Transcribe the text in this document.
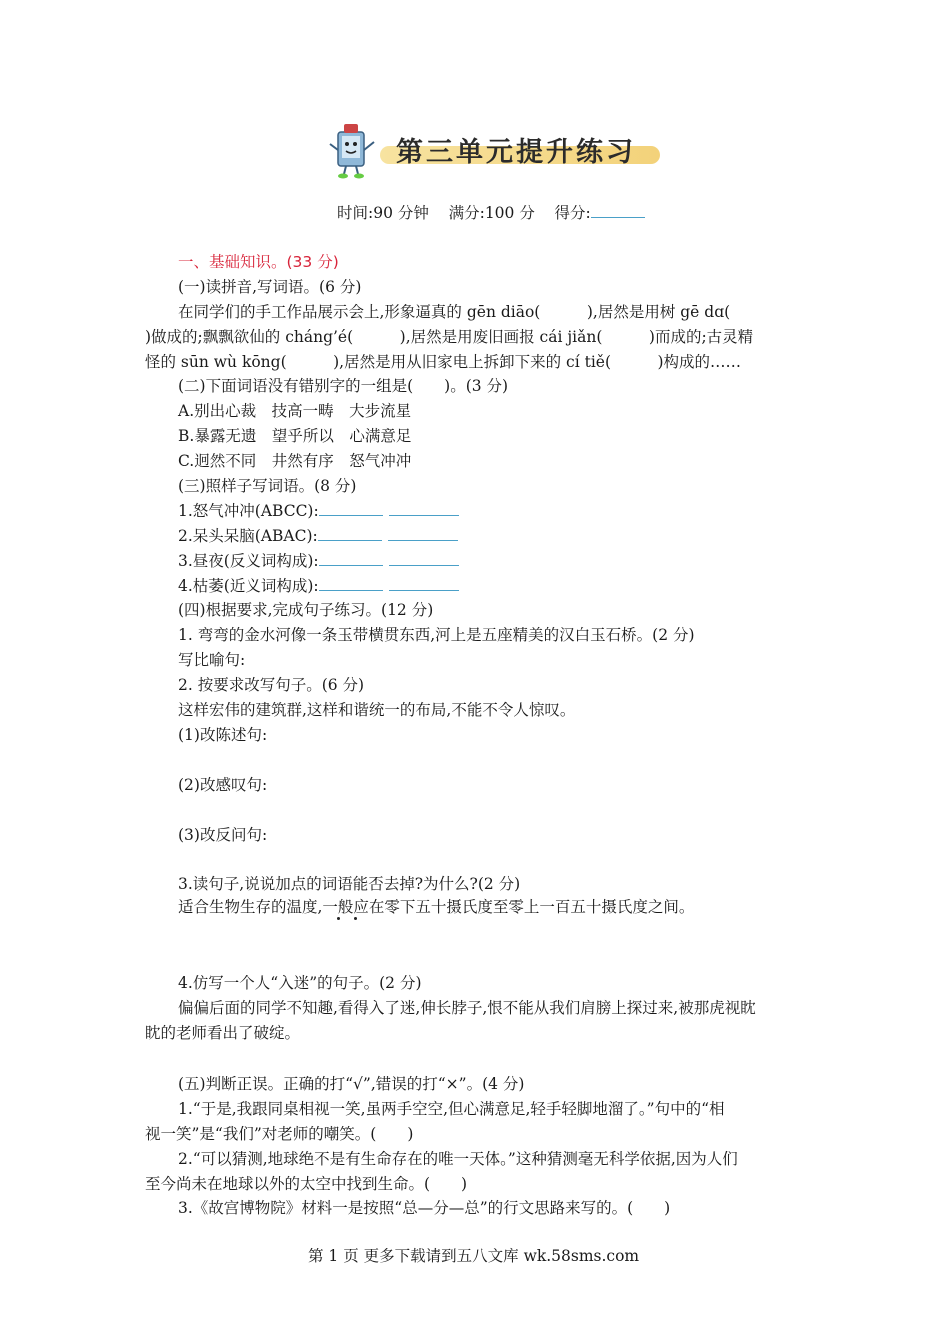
第三单元提升练习
时间:90 分钟 满分:100 分 得分:
一、基础知识。(33 分)
(一)读拼音,写词语。(6 分)
在同学们的手工作品展示会上,形象逼真的 gēn diāo(　　　),居然是用树 gē dɑ(
)做成的;飘飘欲仙的 cháng’é(　　　),居然是用废旧画报 cái jiǎn(　　　)而成的;古灵精
怪的 sūn wù kōng(　　　),居然是用从旧家电上拆卸下来的 cí tiě(　　　)构成的……
(二)下面词语没有错别字的一组是(　　)。(3 分)
A.别出心裁　技高一畴　大步流星
B.暴露无遗　望乎所以　心满意足
C.迥然不同　井然有序　怒气冲冲
(三)照样子写词语。(8 分)
1.怒气冲冲(ABCC):
2.呆头呆脑(ABAC):
3.昼夜(反义词构成):
4.枯萎(近义词构成):
(四)根据要求,完成句子练习。(12 分)
1. 弯弯的金水河像一条玉带横贯东西,河上是五座精美的汉白玉石桥。(2 分)
写比喻句:
2. 按要求改写句子。(6 分)
这样宏伟的建筑群,这样和谐统一的布局,不能不令人惊叹。
(1)改陈述句:
(2)改感叹句:
(3)改反问句:
3.读句子,说说加点的词语能否去掉?为什么?(2 分)
适合生物生存的温度,一般应在零下五十摄氏度至零上一百五十摄氏度之间。
4.仿写一个人“入迷”的句子。(2 分)
偏偏后面的同学不知趣,看得入了迷,伸长脖子,恨不能从我们肩膀上探过来,被那虎视眈
眈的老师看出了破绽。
(五)判断正误。正确的打“√”,错误的打“×”。(4 分)
1.“于是,我跟同桌相视一笑,虽两手空空,但心满意足,轻手轻脚地溜了。”句中的“相
视一笑”是“我们”对老师的嘲笑。(　　)
2.“可以猜测,地球绝不是有生命存在的唯一天体。”这种猜测毫无科学依据,因为人们
至今尚未在地球以外的太空中找到生命。(　　)
3.《故宫博物院》材料一是按照“总—分—总”的行文思路来写的。(　　)
第 1 页 更多下载请到五八文库 wk.58sms.com
